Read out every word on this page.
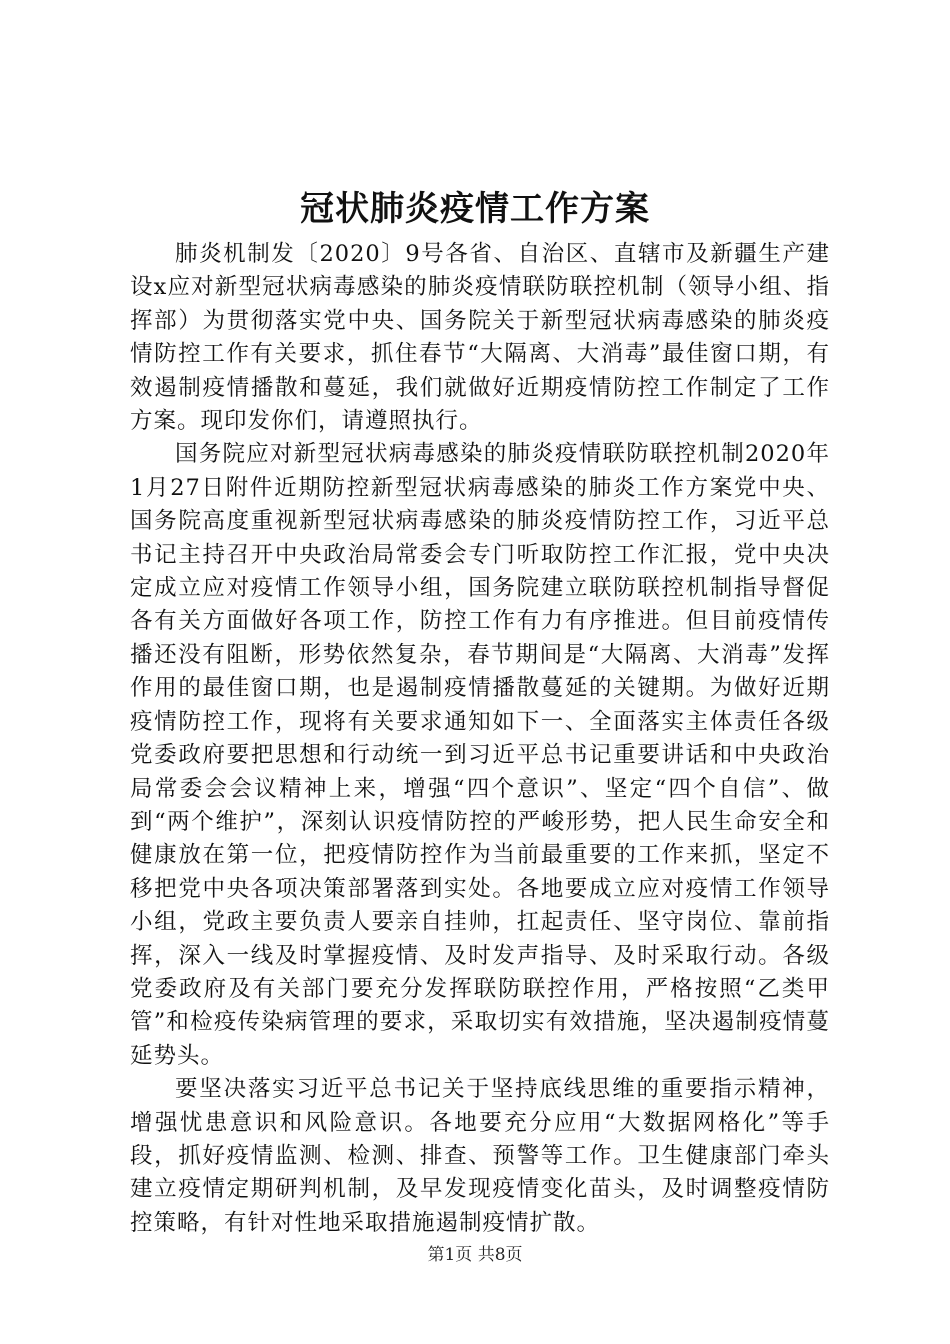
冠状肺炎疫情工作方案

肺炎机制发〔2020〕9号各省、自治区、直辖市及新疆生产建设x应对新型冠状病毒感染的肺炎疫情联防联控机制（领导小组、指挥部）为贯彻落实党中央、国务院关于新型冠状病毒感染的肺炎疫情防控工作有关要求，抓住春节“大隔离、大消毒”最佳窗口期，有效遏制疫情播散和蔓延，我们就做好近期疫情防控工作制定了工作方案。现印发你们，请遵照执行。

国务院应对新型冠状病毒感染的肺炎疫情联防联控机制2020年1月27日附件近期防控新型冠状病毒感染的肺炎工作方案党中央、国务院高度重视新型冠状病毒感染的肺炎疫情防控工作，习近平总书记主持召开中央政治局常委会专门听取防控工作汇报，党中央决定成立应对疫情工作领导小组，国务院建立联防联控机制指导督促各有关方面做好各项工作，防控工作有力有序推进。但目前疫情传播还没有阻断，形势依然复杂，春节期间是“大隔离、大消毒”发挥作用的最佳窗口期，也是遏制疫情播散蔓延的关键期。为做好近期疫情防控工作，现将有关要求通知如下一、全面落实主体责任各级党委政府要把思想和行动统一到习近平总书记重要讲话和中央政治局常委会会议精神上来，增强“四个意识”、坚定“四个自信”、做到“两个维护”，深刻认识疫情防控的严峻形势，把人民生命安全和健康放在第一位，把疫情防控作为当前最重要的工作来抓，坚定不移把党中央各项决策部署落到实处。各地要成立应对疫情工作领导小组，党政主要负责人要亲自挂帅，扛起责任、坚守岗位、靠前指挥，深入一线及时掌握疫情、及时发声指导、及时采取行动。各级党委政府及有关部门要充分发挥联防联控作用，严格按照“乙类甲管”和检疫传染病管理的要求，采取切实有效措施，坚决遏制疫情蔓延势头。

要坚决落实习近平总书记关于坚持底线思维的重要指示精神，增强忧患意识和风险意识。各地要充分应用“大数据网格化”等手段，抓好疫情监测、检测、排查、预警等工作。卫生健康部门牵头建立疫情定期研判机制，及早发现疫情变化苗头，及时调整疫情防控策略，有针对性地采取措施遏制疫情扩散。

第1页 共8页
